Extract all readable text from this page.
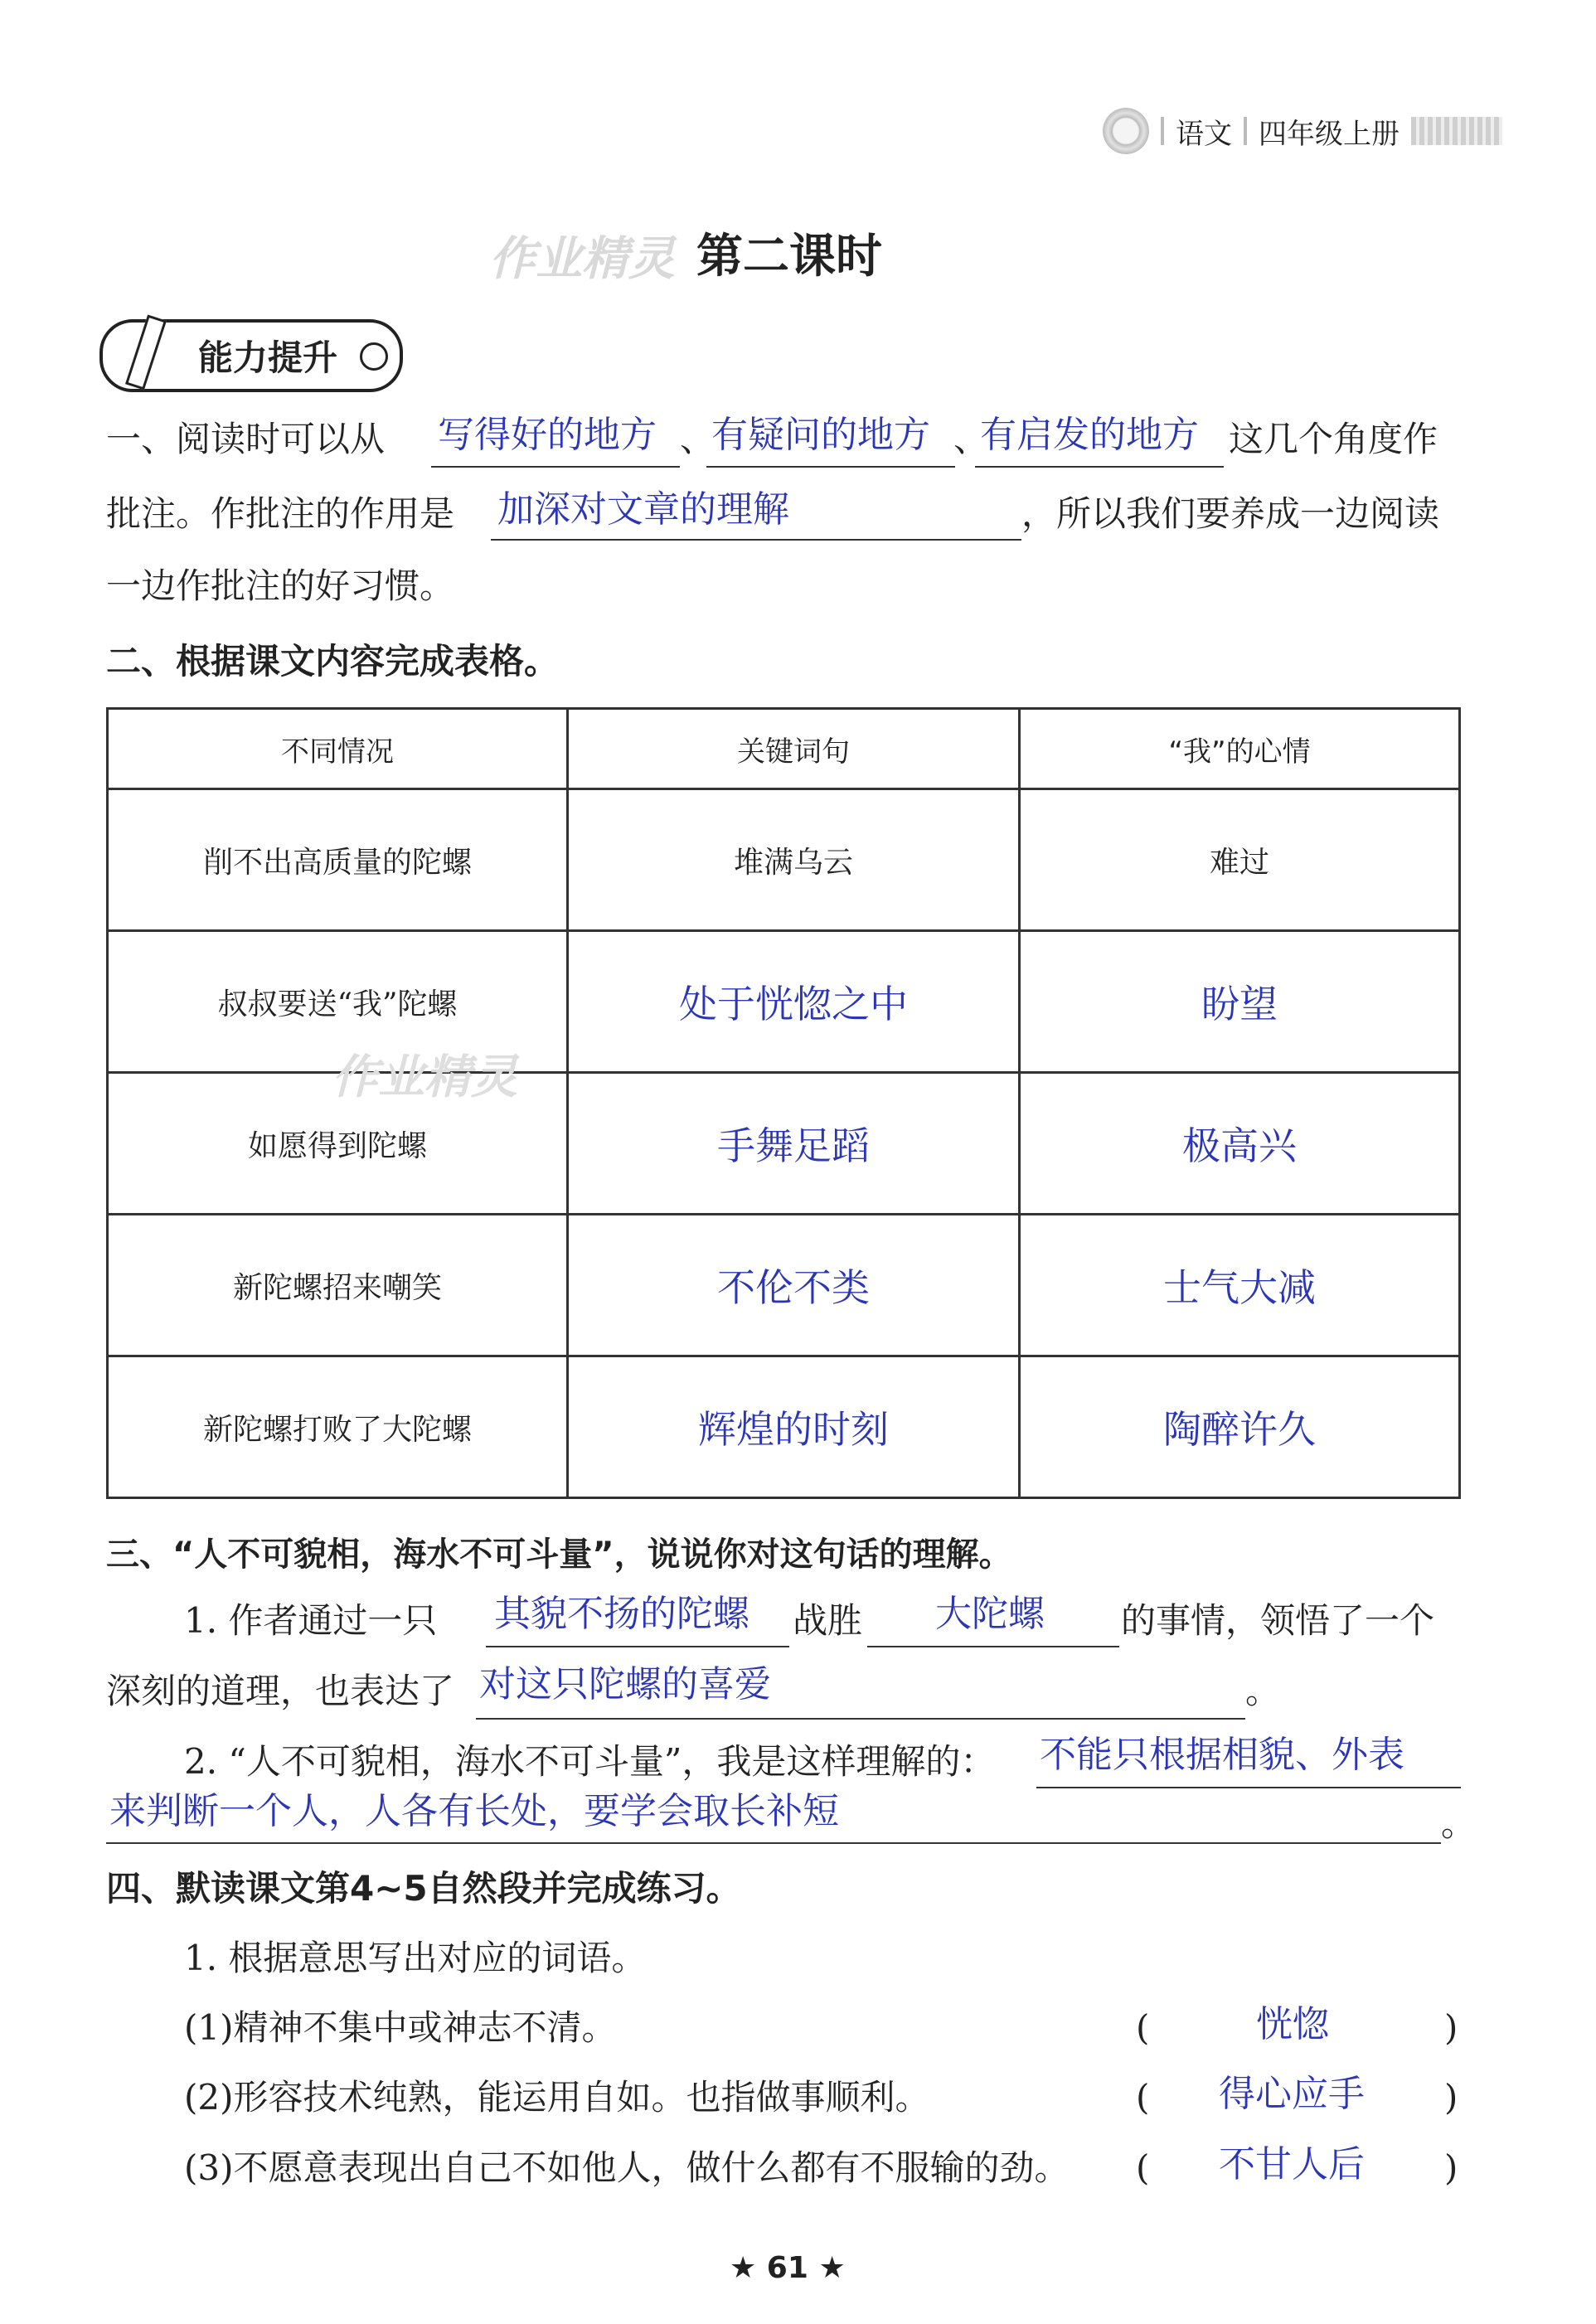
语文 四年级上册
作业精灵 第二课时
能力提升
一、阅读时可以从 写得好的地方 、
有疑问的地方 、
有启发的地方 这几个角度作
批注。作批注的作用是 加深对文章的理解	，所以我们要养成一边阅读
一边作批注的好习惯。
二、根据课文内容完成表格。
不同情况	关键词句	“我”的心情
削不出高质量的陀螺	堆满乌云	难过
叔叔要送“我”陀螺	处于恍惚之中	盼望
如愿得到陀螺	手舞足蹈	极高兴
新陀螺招来嘲笑	不伦不类	士气大减
新陀螺打败了大陀螺	辉煌的时刻	陶醉许久
作业精灵
三、“人不可貌相，海水不可斗量”，说说你对这句话的理解。
1. 作者通过一只 其貌不扬的陀螺 战胜 大陀螺 的事情，领悟了一个
深刻的道理，也表达了 对这只陀螺的喜爱	。
2. “人不可貌相，海水不可斗量”，我是这样理解的： 不能只根据相貌、外表
来判断一个人，人各有长处，要学会取长补短	。
四、默读课文第4~5自然段并完成练习。
1. 根据意思写出对应的词语。
(1)精神不集中或神志不清。	(	恍惚	)
(2)形容技术纯熟，能运用自如。也指做事顺利。	( 得心应手 )
(3)不愿意表现出自己不如他人，做什么都有不服输的劲。 ( 不甘人后 )
★ 61 ★
